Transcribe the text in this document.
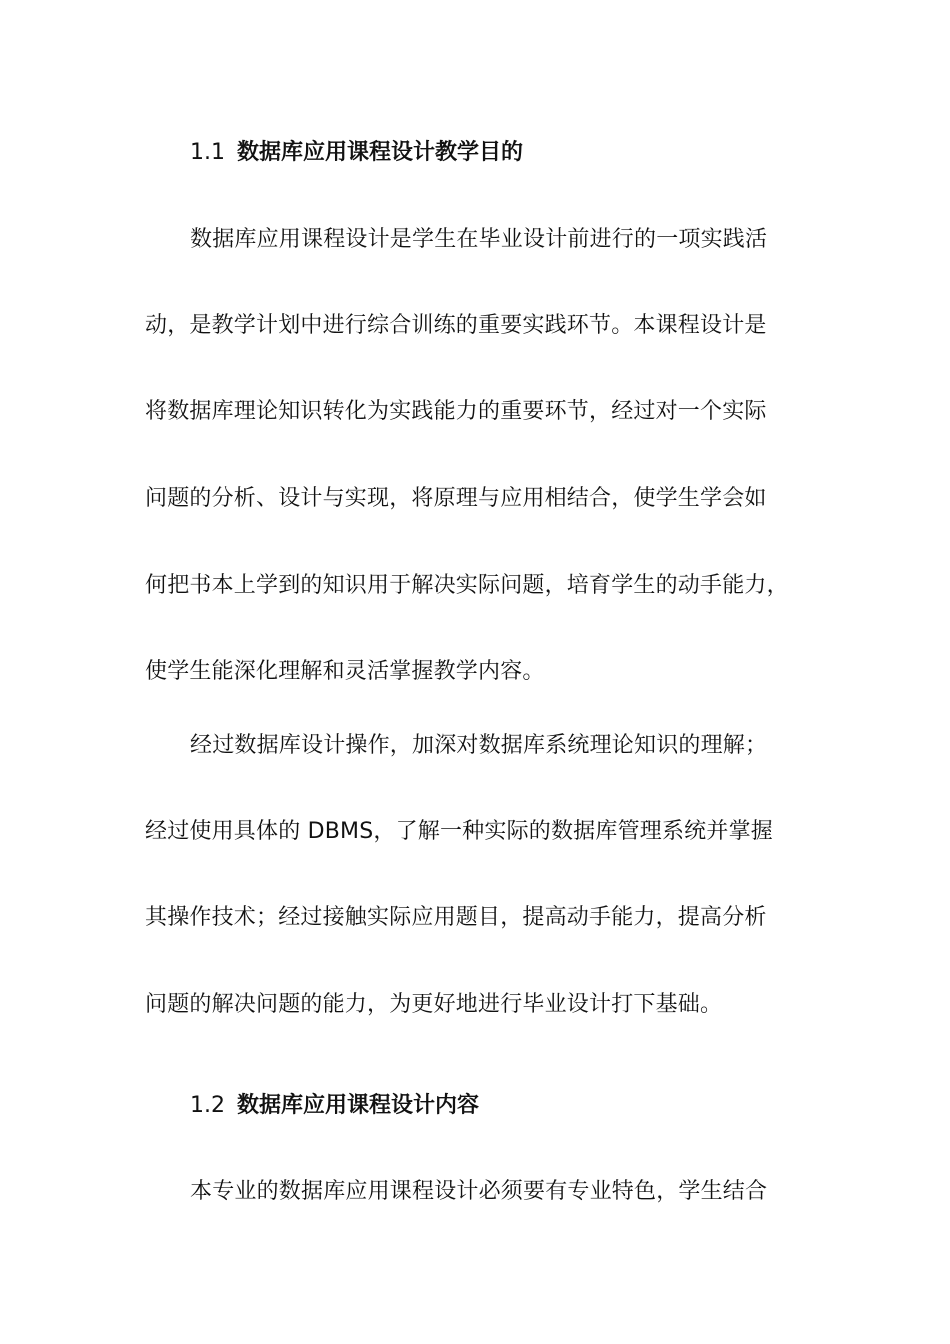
1.1 数据库应用课程设计教学目的
数据库应用课程设计是学生在毕业设计前进行的一项实践活
动，是教学计划中进行综合训练的重要实践环节。本课程设计是
将数据库理论知识转化为实践能力的重要环节，经过对一个实际
问题的分析、设计与实现，将原理与应用相结合，使学生学会如
何把书本上学到的知识用于解决实际问题，培育学生的动手能力，
使学生能深化理解和灵活掌握教学内容。
经过数据库设计操作，加深对数据库系统理论知识的理解；
经过使用具体的 DBMS，了解一种实际的数据库管理系统并掌握
其操作技术；经过接触实际应用题目，提高动手能力，提高分析
问题的解决问题的能力，为更好地进行毕业设计打下基础。
1.2 数据库应用课程设计内容
本专业的数据库应用课程设计必须要有专业特色，学生结合
